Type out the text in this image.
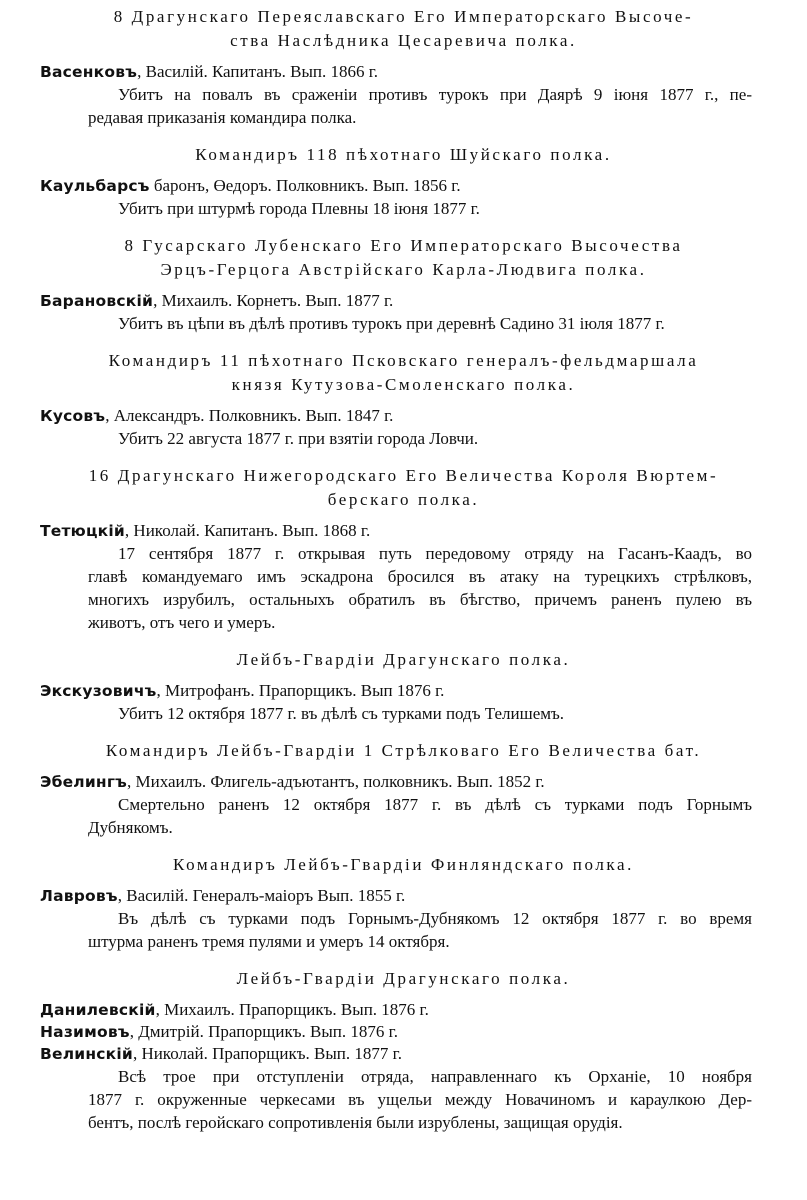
8 Драгунскаго Переяславскаго Его Императорскаго Высоче-
ства Наслѣдника Цесаревича полка.
Васенковъ, Василій. Капитанъ. Вып. 1866 г.
Убитъ на повалъ въ сраженіи противъ турокъ при Даярѣ 9 іюня 1877 г., пе-
редавая приказанія командира полка.
Командиръ 118 пѣхотнаго Шуйскаго полка.
Каульбарсъ баронъ, Өедоръ. Полковникъ. Вып. 1856 г.
Убитъ при штурмѣ города Плевны 18 іюня 1877 г.
8 Гусарскаго Лубенскаго Его Императорскаго Высочества
Эрцъ-Герцога Австрійскаго Карла-Людвига полка.
Барановскій, Михаилъ. Корнетъ. Вып. 1877 г.
Убитъ въ цѣпи въ дѣлѣ противъ турокъ при деревнѣ Садино 31 іюля 1877 г.
Командиръ 11 пѣхотнаго Псковскаго генералъ-фельдмаршала
князя Кутузова-Смоленскаго полка.
Кусовъ, Александръ. Полковникъ. Вып. 1847 г.
Убитъ 22 августа 1877 г. при взятіи города Ловчи.
16 Драгунскаго Нижегородскаго Его Величества Короля Вюртем-
берскаго полка.
Тетюцкій, Николай. Капитанъ. Вып. 1868 г.
17 сентября 1877 г. открывая путь передовому отряду на Гасанъ-Каадъ, во
главѣ командуемаго имъ эскадрона бросился въ атаку на турецкихъ стрѣлковъ,
многихъ изрубилъ, остальныхъ обратилъ въ бѣгство, причемъ раненъ пулею въ
животъ, отъ чего и умеръ.
Лейбъ-Гвардіи Драгунскаго полка.
Экскузовичъ, Митрофанъ. Прапорщикъ. Вып 1876 г.
Убитъ 12 октября 1877 г. въ дѣлѣ съ турками подъ Телишемъ.
Командиръ Лейбъ-Гвардіи 1 Стрѣлковаго Его Величества бат.
Эбелингъ, Михаилъ. Флигель-адъютантъ, полковникъ. Вып. 1852 г.
Смертельно раненъ 12 октября 1877 г. въ дѣлѣ съ турками подъ Горнымъ
Дубнякомъ.
Командиръ Лейбъ-Гвардіи Финляндскаго полка.
Лавровъ, Василій. Генералъ-маіоръ Вып. 1855 г.
Въ дѣлѣ съ турками подъ Горнымъ-Дубнякомъ 12 октября 1877 г. во время
штурма раненъ тремя пулями и умеръ 14 октября.
Лейбъ-Гвардіи Драгунскаго полка.
Данилевскій, Михаилъ. Прапорщикъ. Вып. 1876 г.
Назимовъ, Дмитрій. Прапорщикъ. Вып. 1876 г.
Велинскій, Николай. Прапорщикъ. Вып. 1877 г.
Всѣ трое при отступленіи отряда, направленнаго къ Орханіе, 10 ноября
1877 г. окруженные черкесами въ ущельи между Новачиномъ и караулкою Дер-
бентъ, послѣ геройскаго сопротивленія были изрублены, защищая орудія.
